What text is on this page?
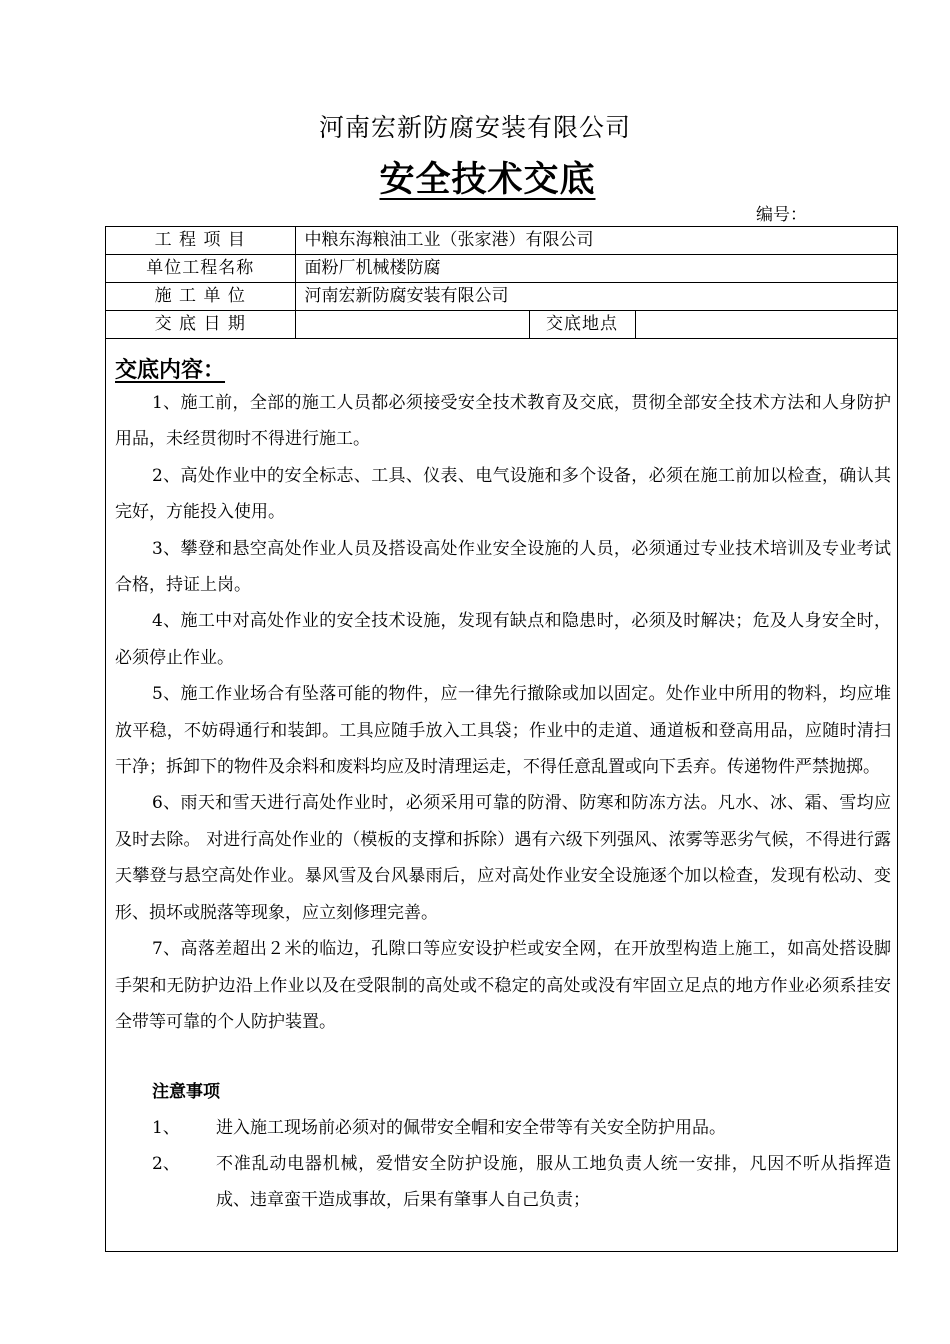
河南宏新防腐安装有限公司
安全技术交底
编号：
工 程 项 目	中粮东海粮油工业（张家港）有限公司		
单位工程名称	面粉厂机械楼防腐		
施 工 单 位	河南宏新防腐安装有限公司		
交 底 日 期		交底地点	

交底内容：

1、施工前，全部的施工人员都必须接受安全技术教育及交底，贯彻全部安全技术方法和人身防护用品，未经贯彻时不得进行施工。

2、高处作业中的安全标志、工具、仪表、电气设施和多个设备，必须在施工前加以检查，确认其完好，方能投入使用。

3、攀登和悬空高处作业人员及搭设高处作业安全设施的人员，必须通过专业技术培训及专业考试合格，持证上岗。

4、施工中对高处作业的安全技术设施，发现有缺点和隐患时，必须及时解决；危及人身安全时，必须停止作业。

5、施工作业场合有坠落可能的物件，应一律先行撤除或加以固定。处作业中所用的物料，均应堆放平稳，不妨碍通行和装卸。工具应随手放入工具袋；作业中的走道、通道板和登高用品，应随时清扫干净；拆卸下的物件及余料和废料均应及时清理运走，不得任意乱置或向下丢弃。传递物件严禁抛掷。

6、雨天和雪天进行高处作业时，必须采用可靠的防滑、防寒和防冻方法。凡水、冰、霜、雪均应及时去除。 对进行高处作业的（模板的支撑和拆除）遇有六级下列强风、浓雾等恶劣气候，不得进行露天攀登与悬空高处作业。暴风雪及台风暴雨后，应对高处作业安全设施逐个加以检查，发现有松动、变形、损坏或脱落等现象，应立刻修理完善。

7、高落差超出２米的临边，孔隙口等应安设护栏或安全网，在开放型构造上施工，如高处搭设脚手架和无防护边沿上作业以及在受限制的高处或不稳定的高处或没有牢固立足点的地方作业必须系挂安全带等可靠的个人防护装置。

注意事项

1、	进入施工现场前必须对的佩带安全帽和安全带等有关安全防护用品。
2、	不准乱动电器机械，爱惜安全防护设施，服从工地负责人统一安排，凡因不听从指挥造成、违章蛮干造成事故，后果有肇事人自己负责；
